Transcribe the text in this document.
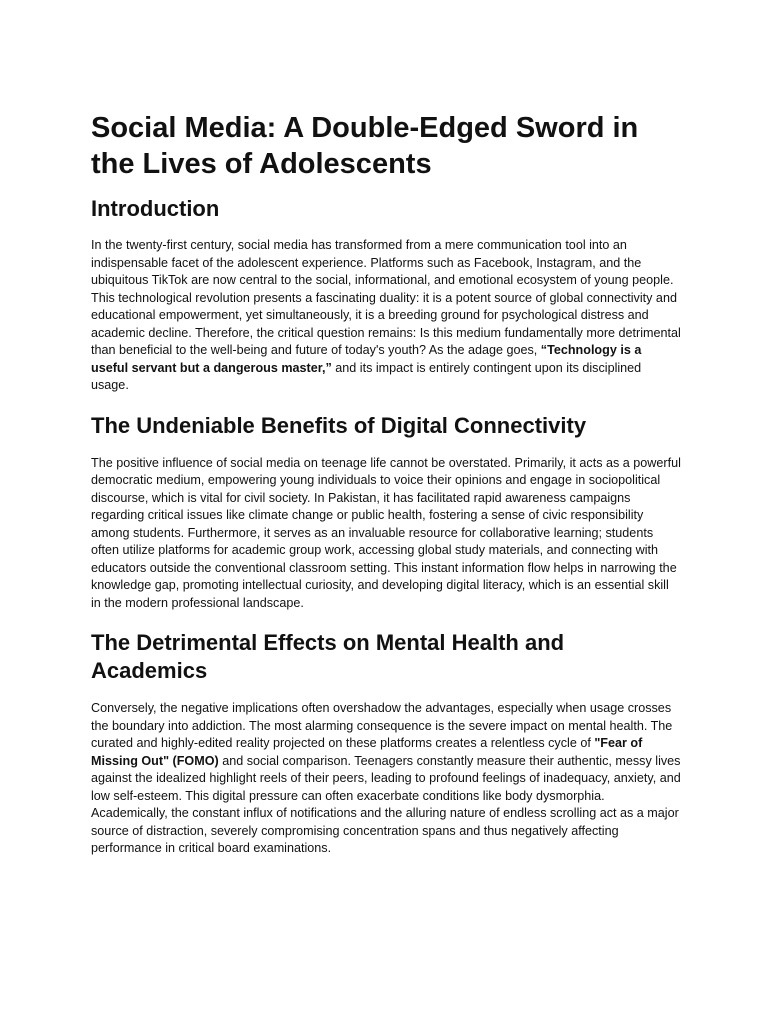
Social Media: A Double-Edged Sword in the Lives of Adolescents
Introduction

In the twenty-first century, social media has transformed from a mere communication tool into an indispensable facet of the adolescent experience. Platforms such as Facebook, Instagram, and the ubiquitous TikTok are now central to the social, informational, and emotional ecosystem of young people. This technological revolution presents a fascinating duality: it is a potent source of global connectivity and educational empowerment, yet simultaneously, it is a breeding ground for psychological distress and academic decline. Therefore, the critical question remains: Is this medium fundamentally more detrimental than beneficial to the well-being and future of today's youth? As the adage goes, “Technology is a useful servant but a dangerous master,” and its impact is entirely contingent upon its disciplined usage.

The Undeniable Benefits of Digital Connectivity

The positive influence of social media on teenage life cannot be overstated. Primarily, it acts as a powerful democratic medium, empowering young individuals to voice their opinions and engage in sociopolitical discourse, which is vital for civil society. In Pakistan, it has facilitated rapid awareness campaigns regarding critical issues like climate change or public health, fostering a sense of civic responsibility among students. Furthermore, it serves as an invaluable resource for collaborative learning; students often utilize platforms for academic group work, accessing global study materials, and connecting with educators outside the conventional classroom setting. This instant information flow helps in narrowing the knowledge gap, promoting intellectual curiosity, and developing digital literacy, which is an essential skill in the modern professional landscape.

The Detrimental Effects on Mental Health and Academics

Conversely, the negative implications often overshadow the advantages, especially when usage crosses the boundary into addiction. The most alarming consequence is the severe impact on mental health. The curated and highly-edited reality projected on these platforms creates a relentless cycle of "Fear of Missing Out" (FOMO) and social comparison. Teenagers constantly measure their authentic, messy lives against the idealized highlight reels of their peers, leading to profound feelings of inadequacy, anxiety, and low self-esteem. This digital pressure can often exacerbate conditions like body dysmorphia. Academically, the constant influx of notifications and the alluring nature of endless scrolling act as a major source of distraction, severely compromising concentration spans and thus negatively affecting performance in critical board examinations.
